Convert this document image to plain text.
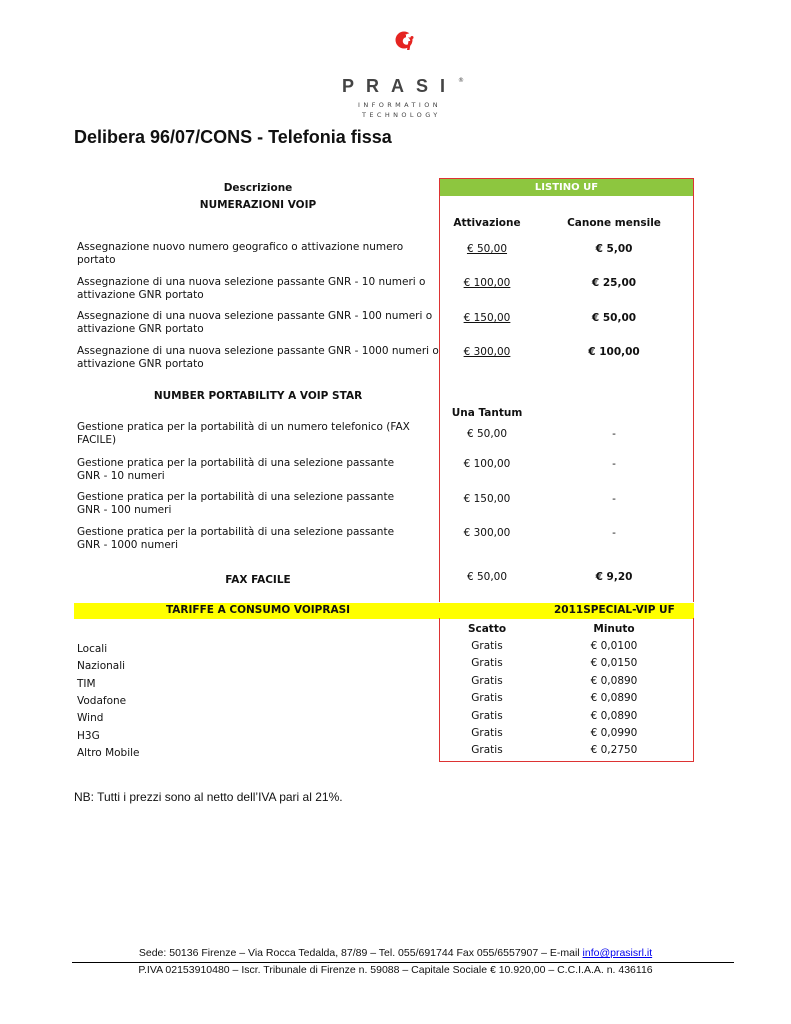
PRASI ®
INFORMATION
TECHNOLOGY
Delibera 96/07/CONS - Telefonia fissa
LISTINO UF
Descrizione
NUMERAZIONI VOIP
Attivazione	Canone mensile
Assegnazione nuovo numero geografico o attivazione numero
portato
€ 50,00	€ 5,00
Assegnazione di una nuova selezione passante GNR - 10 numeri o
attivazione GNR portato
€ 100,00	€ 25,00
Assegnazione di una nuova selezione passante GNR - 100 numeri o
attivazione GNR portato
€ 150,00	€ 50,00
Assegnazione di una nuova selezione passante GNR - 1000 numeri o
attivazione GNR portato
€ 300,00	€ 100,00
NUMBER PORTABILITY A VOIP STAR
Una Tantum
Gestione pratica per la portabilità di un numero telefonico (FAX
FACILE)	€ 50,00	-
Gestione pratica per la portabilità di una selezione passante
GNR - 10 numeri
€ 100,00	-
Gestione pratica per la portabilità di una selezione passante
GNR - 100 numeri
€ 150,00	-
Gestione pratica per la portabilità di una selezione passante
GNR - 1000 numeri
€ 300,00	-
FAX FACILE	€ 50,00	€ 9,20
TARIFFE A CONSUMO VOIPRASI	2011SPECIAL-VIP UF
Scatto	Minuto
Locali	Gratis	€ 0,0100
Nazionali	Gratis	€ 0,0150
TIM	Gratis	€ 0,0890
Vodafone	Gratis	€ 0,0890
Wind	Gratis	€ 0,0890
H3G	Gratis	€ 0,0990
Altro Mobile	Gratis	€ 0,2750
NB: Tutti i prezzi sono al netto dell’IVA pari al 21%.
Sede: 50136 Firenze – Via Rocca Tedalda, 87/89 – Tel. 055/691744 Fax 055/6557907 – E-mail info@prasisrl.it
P.IVA 02153910480 – Iscr. Tribunale di Firenze n. 59088 – Capitale Sociale € 10.920,00 – C.C.I.A.A. n. 436116
